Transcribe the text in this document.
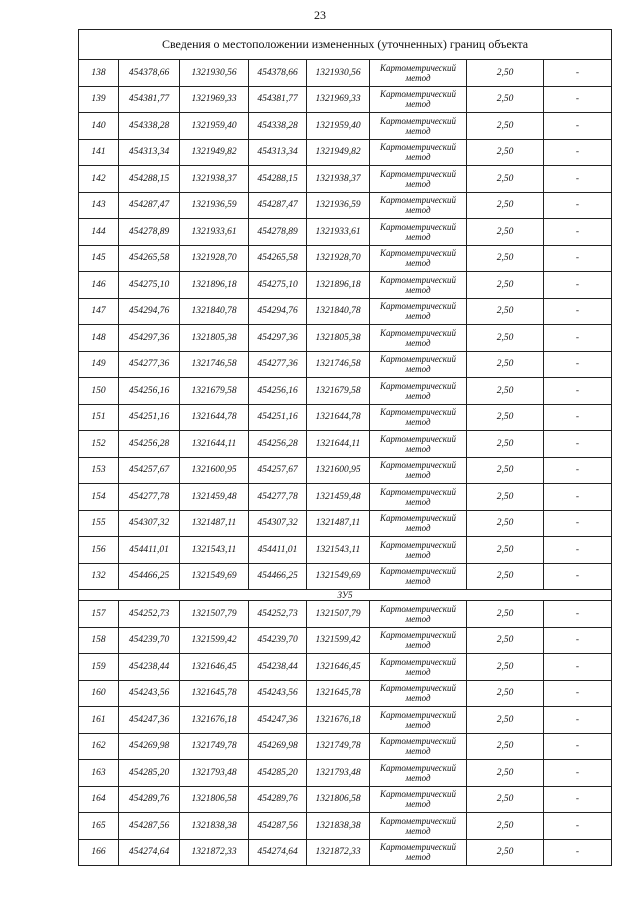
23
Сведения о местоположении измененных (уточненных) границ объекта							
138	454378,66	1321930,56	454378,66	1321930,56	Картометрический
метод	2,50	-
139	454381,77	1321969,33	454381,77	1321969,33	Картометрический
метод	2,50	-
140	454338,28	1321959,40	454338,28	1321959,40	Картометрический
метод	2,50	-
141	454313,34	1321949,82	454313,34	1321949,82	Картометрический
метод	2,50	-
142	454288,15	1321938,37	454288,15	1321938,37	Картометрический
метод	2,50	-
143	454287,47	1321936,59	454287,47	1321936,59	Картометрический
метод	2,50	-
144	454278,89	1321933,61	454278,89	1321933,61	Картометрический
метод	2,50	-
145	454265,58	1321928,70	454265,58	1321928,70	Картометрический
метод	2,50	-
146	454275,10	1321896,18	454275,10	1321896,18	Картометрический
метод	2,50	-
147	454294,76	1321840,78	454294,76	1321840,78	Картометрический
метод	2,50	-
148	454297,36	1321805,38	454297,36	1321805,38	Картометрический
метод	2,50	-
149	454277,36	1321746,58	454277,36	1321746,58	Картометрический
метод	2,50	-
150	454256,16	1321679,58	454256,16	1321679,58	Картометрический
метод	2,50	-
151	454251,16	1321644,78	454251,16	1321644,78	Картометрический
метод	2,50	-
152	454256,28	1321644,11	454256,28	1321644,11	Картометрический
метод	2,50	-
153	454257,67	1321600,95	454257,67	1321600,95	Картометрический
метод	2,50	-
154	454277,78	1321459,48	454277,78	1321459,48	Картометрический
метод	2,50	-
155	454307,32	1321487,11	454307,32	1321487,11	Картометрический
метод	2,50	-
156	454411,01	1321543,11	454411,01	1321543,11	Картометрический
метод	2,50	-
132	454466,25	1321549,69	454466,25	1321549,69	Картометрический
метод	2,50	-
ЗУ5							
157	454252,73	1321507,79	454252,73	1321507,79	Картометрический
метод	2,50	-
158	454239,70	1321599,42	454239,70	1321599,42	Картометрический
метод	2,50	-
159	454238,44	1321646,45	454238,44	1321646,45	Картометрический
метод	2,50	-
160	454243,56	1321645,78	454243,56	1321645,78	Картометрический
метод	2,50	-
161	454247,36	1321676,18	454247,36	1321676,18	Картометрический
метод	2,50	-
162	454269,98	1321749,78	454269,98	1321749,78	Картометрический
метод	2,50	-
163	454285,20	1321793,48	454285,20	1321793,48	Картометрический
метод	2,50	-
164	454289,76	1321806,58	454289,76	1321806,58	Картометрический
метод	2,50	-
165	454287,56	1321838,38	454287,56	1321838,38	Картометрический
метод	2,50	-
166	454274,64	1321872,33	454274,64	1321872,33	Картометрический
метод	2,50	-
